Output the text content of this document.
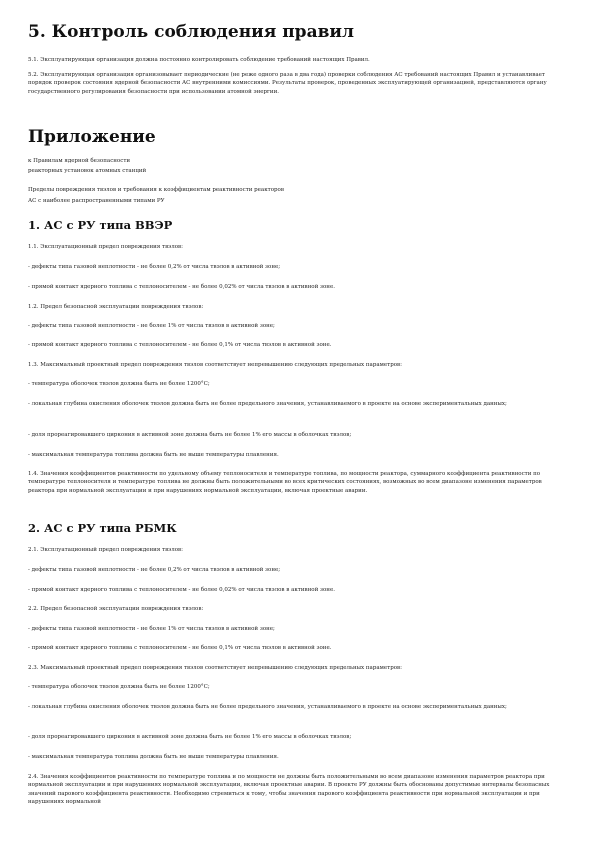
5. Контроль соблюдения правил
5.1. Эксплуатирующая организация должна постоянно контролировать соблюдение требований настоящих Правил.
5.2. Эксплуатирующая организация организовывает периодические (не реже одного раза в два года) проверки соблюдения АС требований настоящих Правил и устанавливает порядок проверок состояния ядерной безопасности АС внутренними комиссиями. Результаты проверок, проведенных эксплуатирующей организацией, представляются органу государственного регулирования безопасности при использовании атомной энергии.
Приложение
к Правилам ядерной безопасности
реакторных установок атомных станций
Пределы повреждения твэлов и требования к коэффициентам реактивности реакторов
АС с наиболее распространенными типами РУ
1. АС с РУ типа ВВЭР
1.1. Эксплуатационный предел повреждения твэлов:
- дефекты типа газовой неплотности - не более 0,2% от числа твэлов в активной зоне;
- прямой контакт ядерного топлива с теплоносителем - не более 0,02% от числа твэлов в активной зоне.
1.2. Предел безопасной эксплуатации повреждения твэлов:
- дефекты типа газовой неплотности - не более 1% от числа твэлов в активной зоне;
- прямой контакт ядерного топлива с теплоносителем - не более 0,1% от числа твэлов в активной зоне.
1.3. Максимальный проектный предел повреждения твэлов соответствует непревышению следующих предельных параметров:
- температура оболочек твэлов должна быть не более 1200°С;
- локальная глубина окисления оболочек твэлов должна быть не более предельного значения, устанавливаемого в проекте на основе экспериментальных данных;
- доля прореагировавшего циркония в активной зоне должна быть не более 1% его массы в оболочках твэлов;
- максимальная температура топлива должна быть не выше температуры плавления.
1.4. Значения коэффициентов реактивности по удельному объему теплоносителя и температуре топлива, по мощности реактора, суммарного коэффициента реактивности по температуре теплоносителя и температуре топлива не должны быть положительными во всех критических состояниях, возможных во всем диапазоне изменения параметров реактора при нормальной эксплуатации и при нарушениях нормальной эксплуатации, включая проектные аварии.
2. АС с РУ типа РБМК
2.1. Эксплуатационный предел повреждения твэлов:
- дефекты типа газовой неплотности - не более 0,2% от числа твэлов в активной зоне;
- прямой контакт ядерного топлива с теплоносителем - не более 0,02% от числа твэлов в активной зоне.
2.2. Предел безопасной эксплуатации повреждения твэлов:
- дефекты типа газовой неплотности - не более 1% от числа твэлов в активной зоне;
- прямой контакт ядерного топлива с теплоносителем - не более 0,1% от числа твэлов в активной зоне.
2.3. Максимальный проектный предел повреждения твэлов соответствует непревышению следующих предельных параметров:
- температура оболочек твэлов должна быть не более 1200°С;
- локальная глубина окисления оболочек твэлов должна быть не более предельного значения, устанавливаемого в проекте на основе экспериментальных данных;
- доля прореагировавшего циркония в активной зоне должна быть не более 1% его массы в оболочках твэлов;
- максимальная температура топлива должна быть не выше температуры плавления.
2.4. Значения коэффициентов реактивности по температуре топлива и по мощности не должны быть положительными во всем диапазоне изменения параметров реактора при нормальной эксплуатации и при нарушениях нормальной эксплуатации, включая проектные аварии. В проекте РУ должны быть обоснованы допустимые интервалы безопасных значений парового коэффициента реактивности. Необходимо стремиться к тому, чтобы значения парового коэффициента реактивности при нормальной эксплуатации и при нарушениях нормальной
